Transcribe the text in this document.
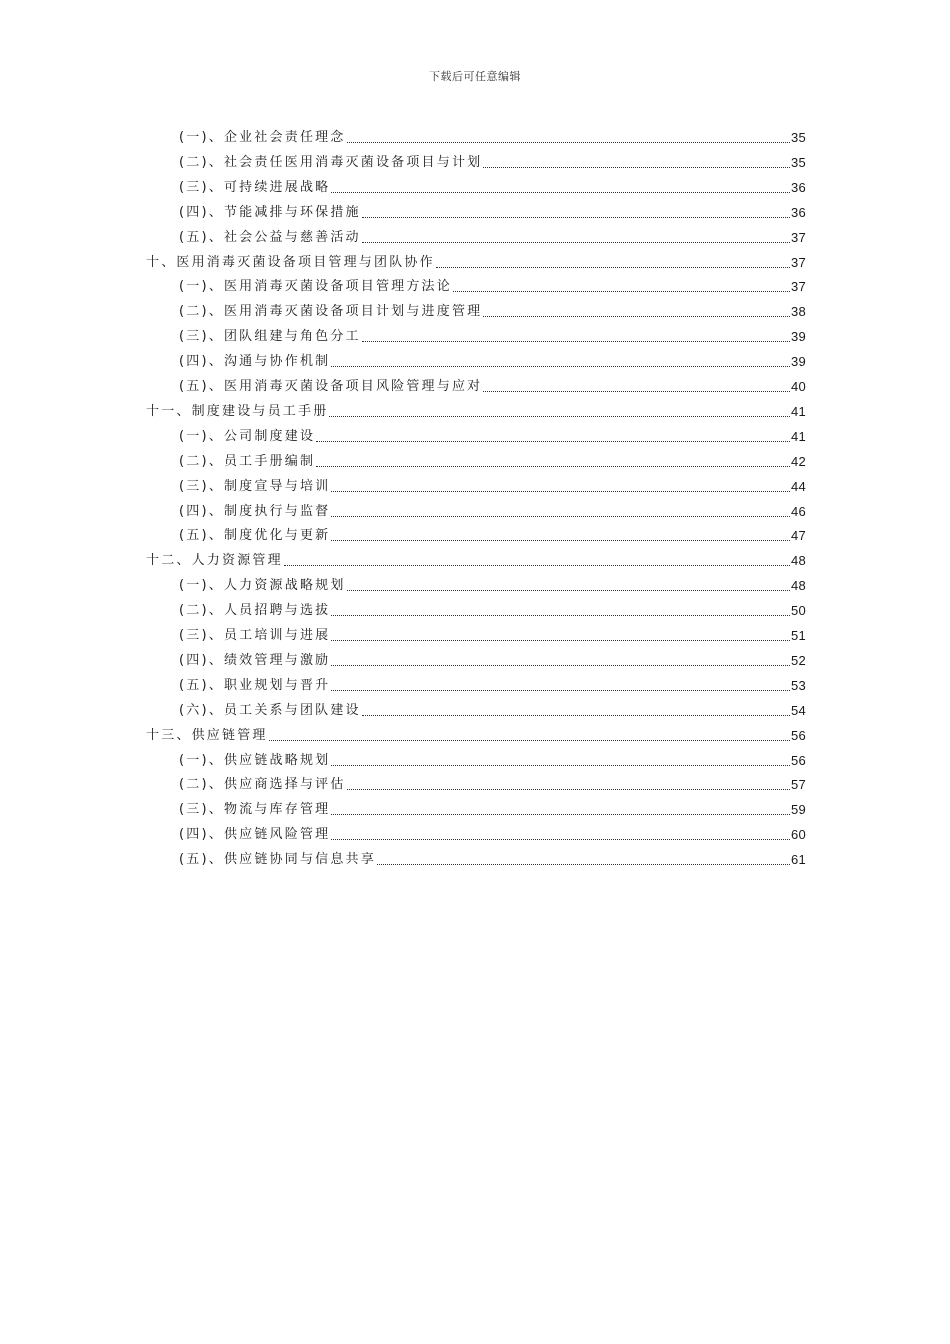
下载后可任意编辑
(一)、企业社会责任理念	35
(二)、社会责任医用消毒灭菌设备项目与计划	35
(三)、可持续进展战略	36
(四)、节能减排与环保措施	36
(五)、社会公益与慈善活动	37
十、医用消毒灭菌设备项目管理与团队协作	37
(一)、医用消毒灭菌设备项目管理方法论	37
(二)、医用消毒灭菌设备项目计划与进度管理	38
(三)、团队组建与角色分工	39
(四)、沟通与协作机制	39
(五)、医用消毒灭菌设备项目风险管理与应对	40
十一、制度建设与员工手册	41
(一)、公司制度建设	41
(二)、员工手册编制	42
(三)、制度宣导与培训	44
(四)、制度执行与监督	46
(五)、制度优化与更新	47
十二、人力资源管理	48
(一)、人力资源战略规划	48
(二)、人员招聘与选拔	50
(三)、员工培训与进展	51
(四)、绩效管理与激励	52
(五)、职业规划与晋升	53
(六)、员工关系与团队建设	54
十三、供应链管理	56
(一)、供应链战略规划	56
(二)、供应商选择与评估	57
(三)、物流与库存管理	59
(四)、供应链风险管理	60
(五)、供应链协同与信息共享	61
